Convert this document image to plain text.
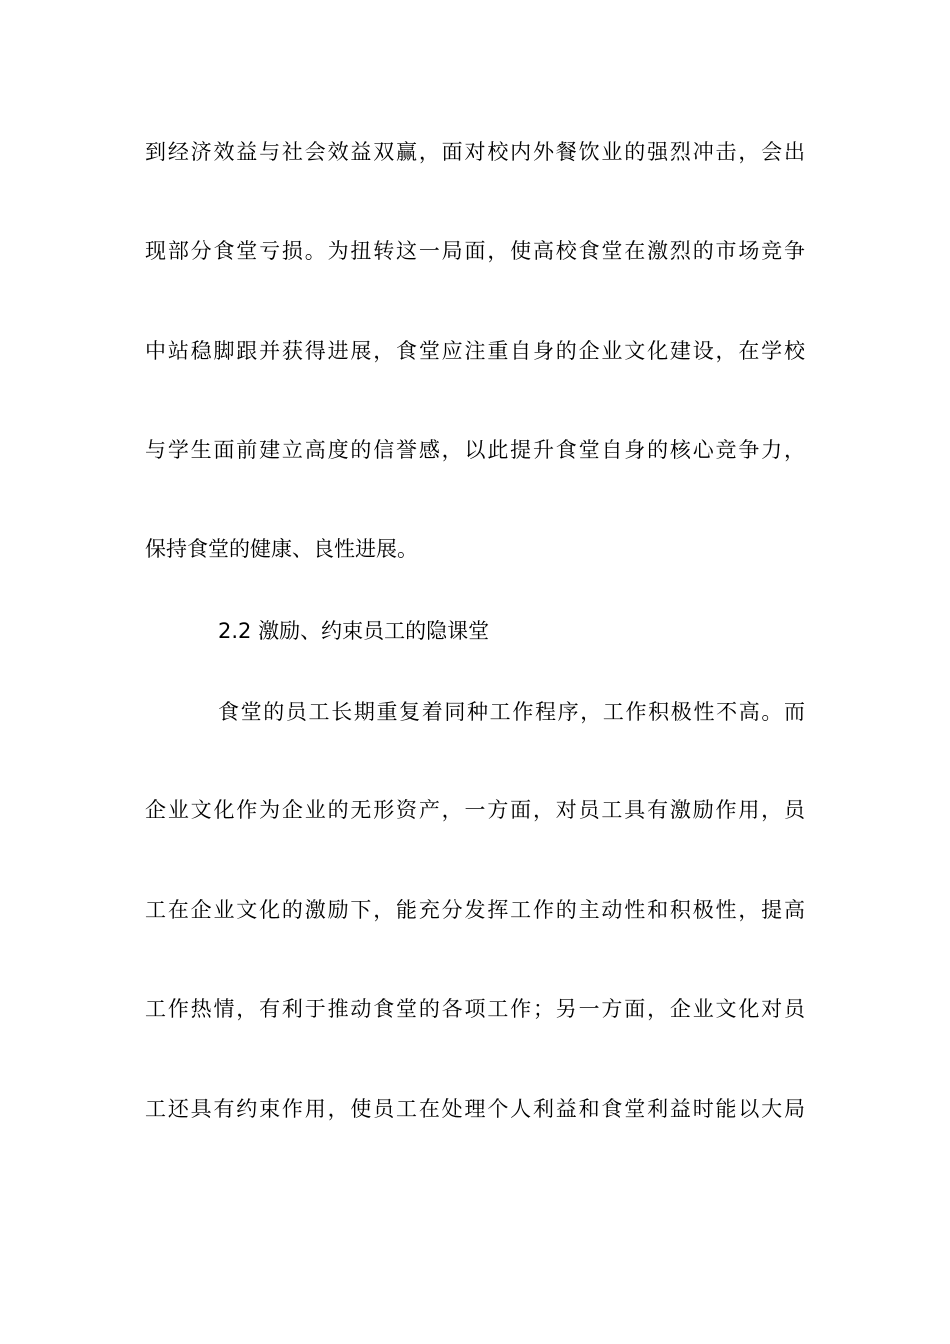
到经济效益与社会效益双赢，面对校内外餐饮业的强烈冲击，会出
现部分食堂亏损。为扭转这一局面，使高校食堂在激烈的市场竞争
中站稳脚跟并获得进展，食堂应注重自身的企业文化建设，在学校
与学生面前建立高度的信誉感，以此提升食堂自身的核心竞争力，
保持食堂的健康、良性进展。
2.2 激励、约束员工的隐课堂
食堂的员工长期重复着同种工作程序，工作积极性不高。而
企业文化作为企业的无形资产，一方面，对员工具有激励作用，员
工在企业文化的激励下，能充分发挥工作的主动性和积极性，提高
工作热情，有利于推动食堂的各项工作；另一方面，企业文化对员
工还具有约束作用，使员工在处理个人利益和食堂利益时能以大局
